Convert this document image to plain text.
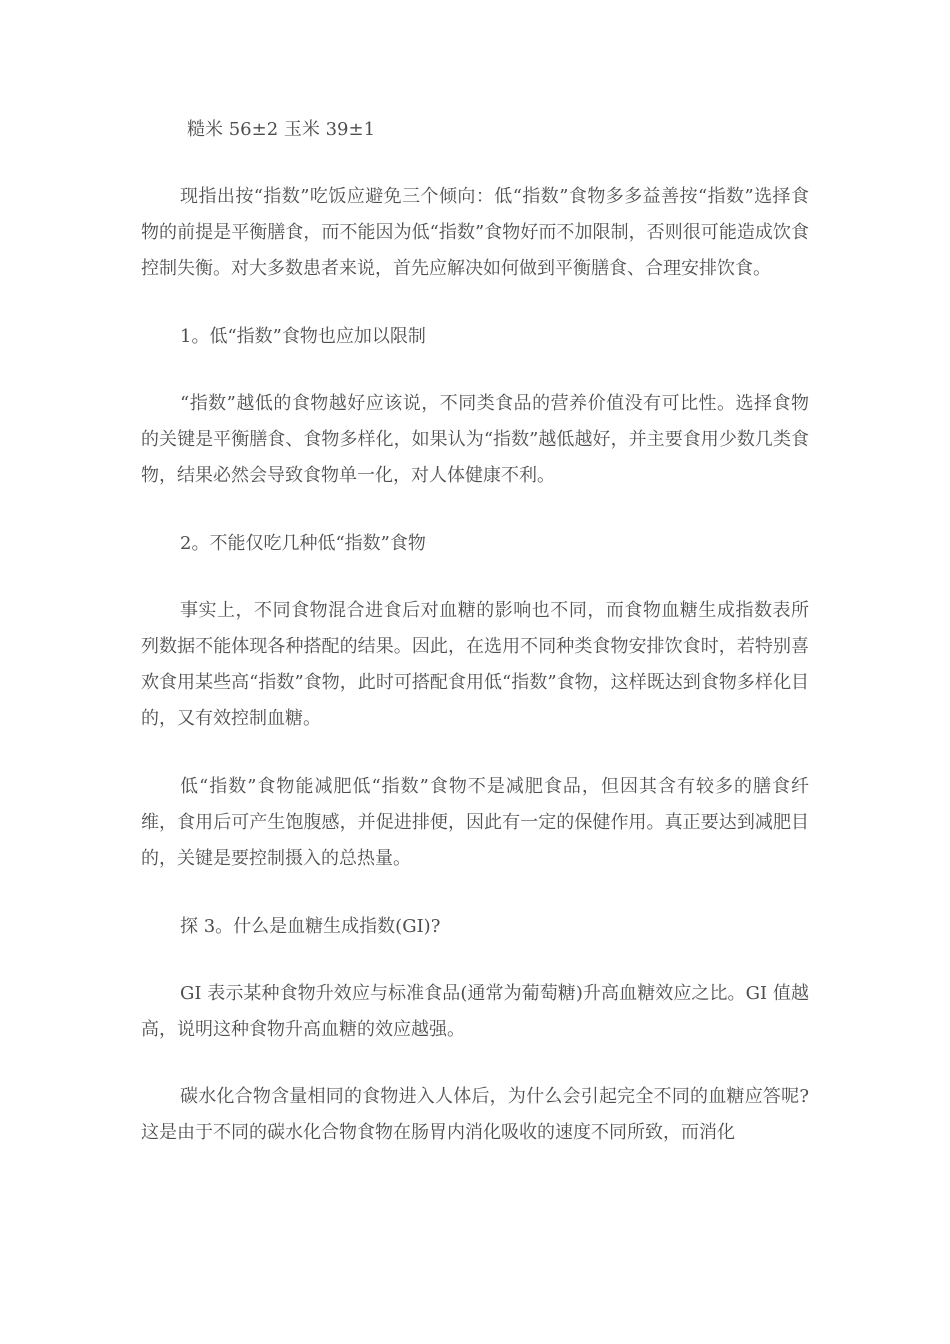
糙米 56±2 玉米 39±1

现指出按“指数”吃饭应避免三个倾向：低“指数”食物多多益善按“指数”选择食物的前提是平衡膳食，而不能因为低“指数”食物好而不加限制，否则很可能造成饮食控制失衡。对大多数患者来说，首先应解决如何做到平衡膳食、合理安排饮食。

1。低“指数”食物也应加以限制

“指数”越低的食物越好应该说，不同类食品的营养价值没有可比性。选择食物的关键是平衡膳食、食物多样化，如果认为“指数”越低越好，并主要食用少数几类食物，结果必然会导致食物单一化，对人体健康不利。

2。不能仅吃几种低“指数”食物

事实上，不同食物混合进食后对血糖的影响也不同，而食物血糖生成指数表所列数据不能体现各种搭配的结果。因此，在选用不同种类食物安排饮食时，若特别喜欢食用某些高“指数”食物，此时可搭配食用低“指数”食物，这样既达到食物多样化目的，又有效控制血糖。

低“指数”食物能减肥低“指数”食物不是减肥食品，但因其含有较多的膳食纤维，食用后可产生饱腹感，并促进排便，因此有一定的保健作用。真正要达到减肥目的，关键是要控制摄入的总热量。

探 3。什么是血糖生成指数(GI)?

GI 表示某种食物升效应与标准食品(通常为葡萄糖)升高血糖效应之比。GI 值越高，说明这种食物升高血糖的效应越强。

碳水化合物含量相同的食物进入人体后，为什么会引起完全不同的血糖应答呢?这是由于不同的碳水化合物食物在肠胃内消化吸收的速度不同所致，而消化
